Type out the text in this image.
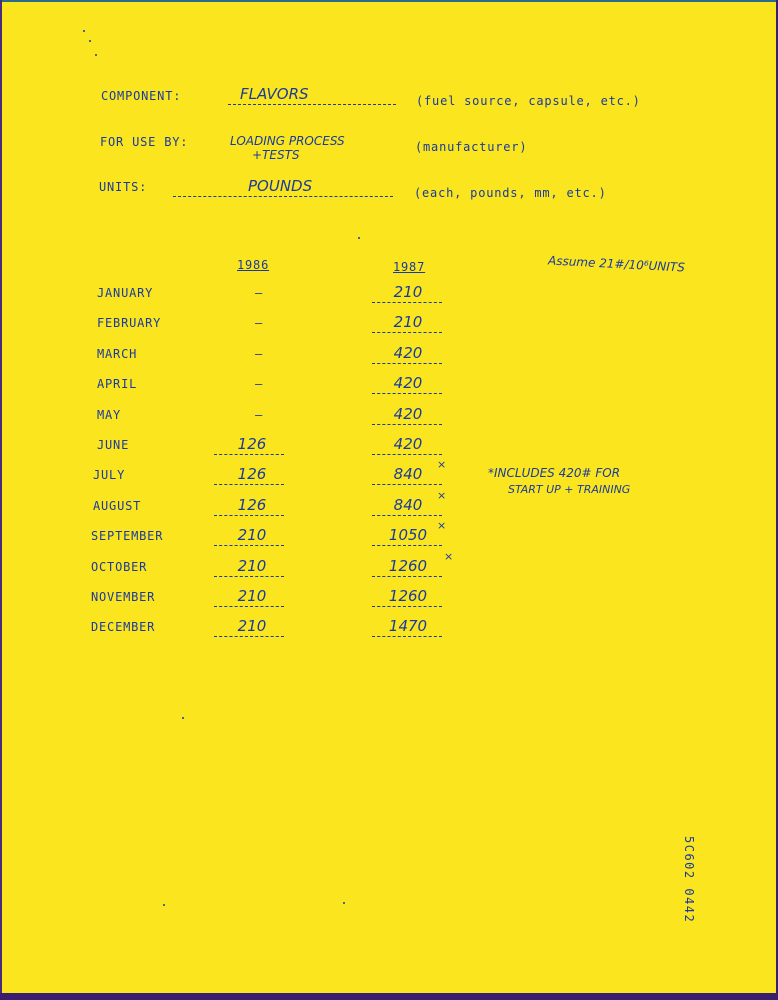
COMPONENT:	FLAVORS	(fuel source, capsule, etc.)
FOR USE BY:	LOADING PROCESS
+TESTS
(manufacturer)
UNITS:	POUNDS	(each, pounds, mm, etc.)
1986	1987	Assume 21#/10⁶UNITS
JANUARY	–	210
FEBRUARY	–	210
MARCH	–	420
APRIL	–	420
MAY	–	420
JUNE	126	420
JULY	126	840
×
AUGUST	126	840
×
SEPTEMBER	210	1050
×
OCTOBER	210	1260
×
NOVEMBER	210	1260
DECEMBER	210	1470
*INCLUDES 420# FOR
START UP + TRAINING
5C602 0442
